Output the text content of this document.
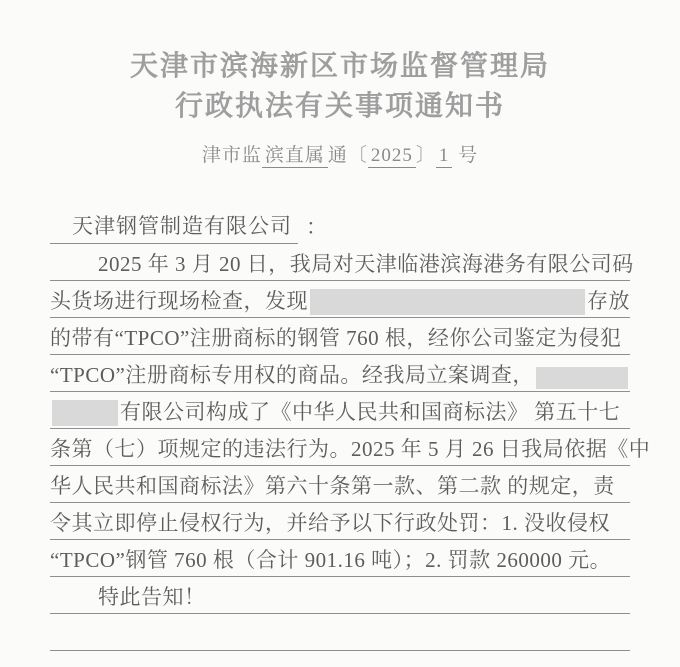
天津市滨海新区市场监督管理局
行政执法有关事项通知书
津市监 滨直属 通〔 2025 〕 1 号
天津钢管制造有限公司 ：
2025 年 3 月 20 日，我局对天津临港滨海港务有限公司码
头货场进行现场检查，发现	存放
的带有“TPCO”注册商标的钢管 760 根，经你公司鉴定为侵犯
“TPCO”注册商标专用权的商品。经我局立案调查，
有限公司构成了《中华人民共和国商标法》 第五十七
条第（七）项规定的违法行为。2025 年 5 月 26 日我局依据《中
华人民共和国商标法》第六十条第一款、第二款 的规定，责
令其立即停止侵权行为，并给予以下行政处罚：1. 没收侵权
“TPCO”钢管 760 根（合计 901.16 吨）；2. 罚款 260000 元。
特此告知！
